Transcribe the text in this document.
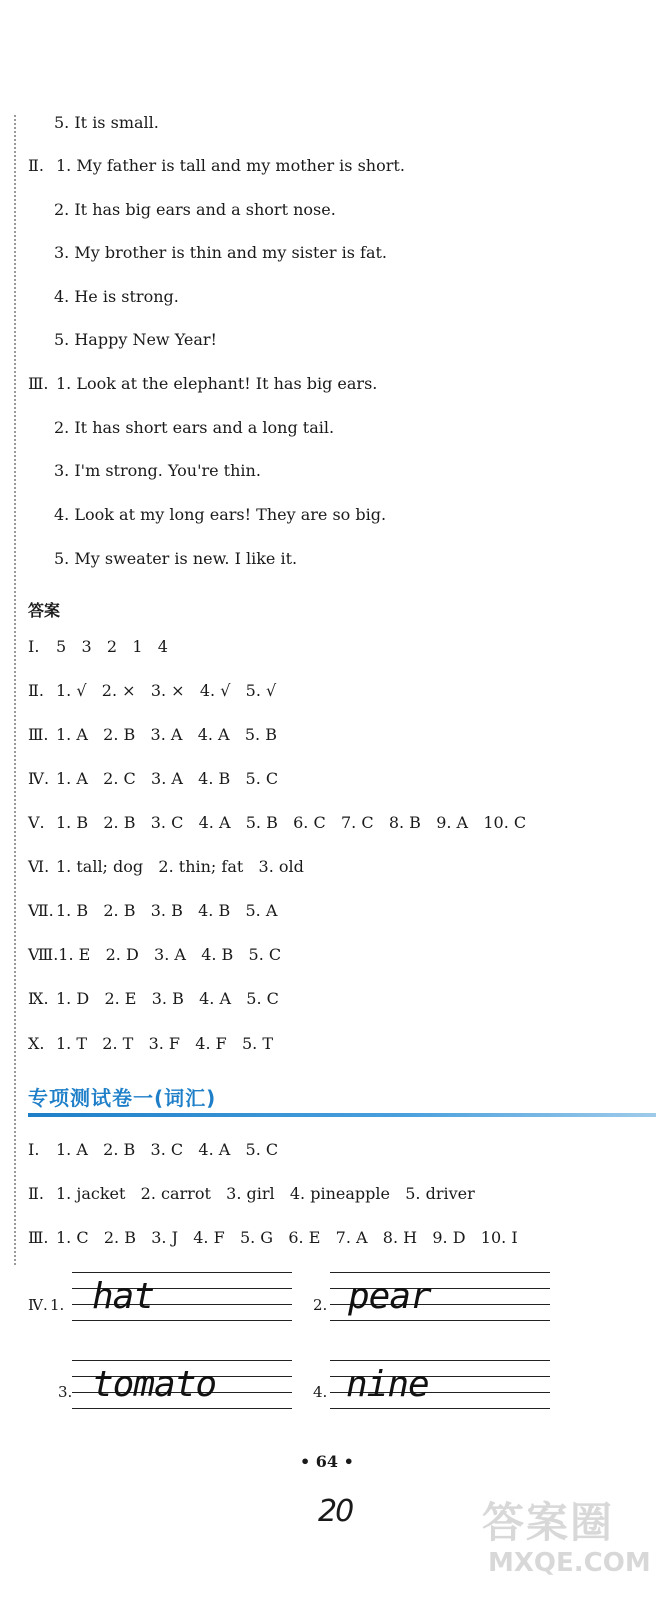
5. It is small.
Ⅱ. 1. My father is tall and my mother is short.
2. It has big ears and a short nose.
3. My brother is thin and my sister is fat.
4. He is strong.
5. Happy New Year!
Ⅲ. 1. Look at the elephant! It has big ears.
2. It has short ears and a long tail.
3. I'm strong. You're thin.
4. Look at my long ears! They are so big.
5. My sweater is new. I like it.
答案
Ⅰ. 5   3   2   1   4
Ⅱ. 1. √   2. ×   3. ×   4. √   5. √
Ⅲ. 1. A   2. B   3. A   4. A   5. B
Ⅳ. 1. A   2. C   3. A   4. B   5. C
Ⅴ. 1. B   2. B   3. C   4. A   5. B   6. C   7. C   8. B   9. A   10. C
Ⅵ. 1. tall; dog   2. thin; fat   3. old
Ⅶ. 1. B   2. B   3. B   4. B   5. A
Ⅷ.1. E   2. D   3. A   4. B   5. C
Ⅸ. 1. D   2. E   3. B   4. A   5. C
Ⅹ. 1. T   2. T   3. F   4. F   5. T
专项测试卷一(词汇)
Ⅰ. 1. A   2. B   3. C   4. A   5. C
Ⅱ. 1. jacket   2. carrot   3. girl   4. pineapple   5. driver
Ⅲ. 1. C   2. B   3. J   4. F   5. G   6. E   7. A   8. H   9. D   10. I
Ⅳ. 1. hat	2. pear
3. tomato	4. nine
• 64 •
20	答案圈
MXQE.COM
